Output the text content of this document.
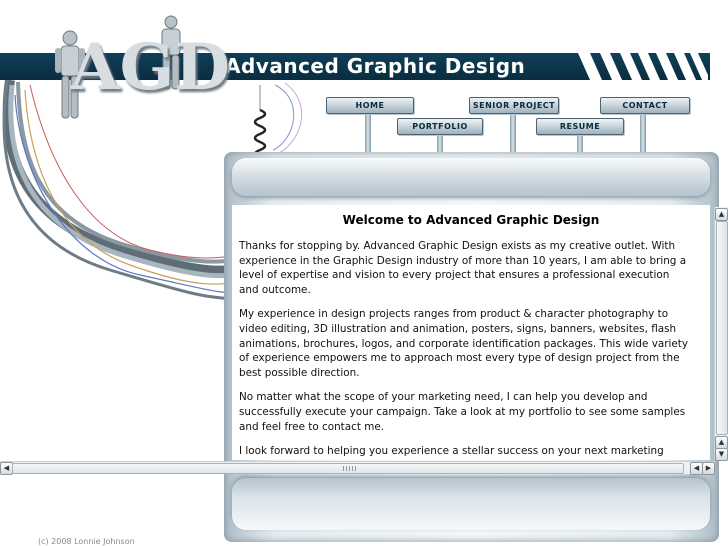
Advanced Graphic Design
AGD
HOME
PORTFOLIO
SENIOR PROJECT
RESUME
CONTACT
Welcome to Advanced Graphic Design

Thanks for stopping by. Advanced Graphic Design exists as my creative outlet. With experience in the Graphic Design industry of more than 10 years, I am able to bring a level of expertise and vision to every project that ensures a professional execution and outcome.

My experience in design projects ranges from product & character photography to video editing, 3D illustration and animation, posters, signs, banners, websites, flash animations, brochures, logos, and corporate identification packages. This wide variety of experience empowers me to approach most every type of design project from the best possible direction.

No matter what the scope of your marketing need, I can help you develop and successfully execute your campaign. Take a look at my portfolio to see some samples and feel free to contact me.

I look forward to helping you experience a stellar success on your next marketing

▲
▲
▼
◀	◀ ▶
(c) 2008 Lonnie Johnson
